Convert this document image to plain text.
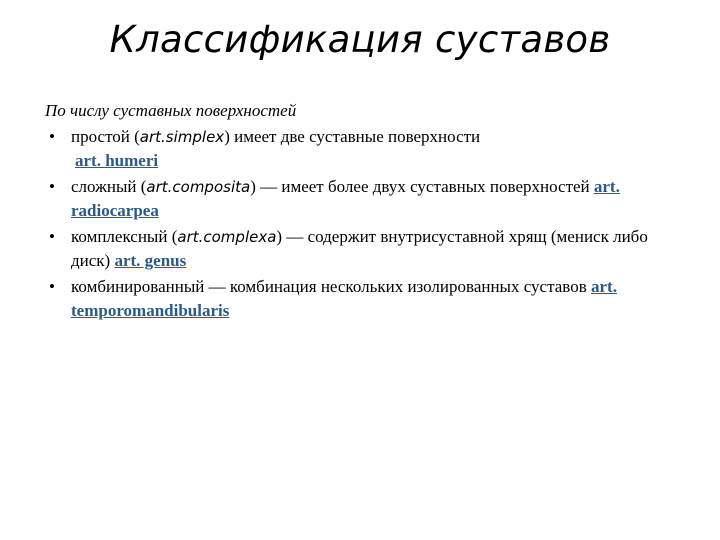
Классификация суставов
По числу суставных поверхностей
• простой (art.simplex) имеет две суставные поверхности
art. humeri
• сложный (art.composita) — имеет более двух суставных поверхностей art. radiocarpea
• комплексный (art.complexa) — содержит внутрисуставной хрящ (мениск либо диск) art. genus
• комбинированный — комбинация нескольких изолированных суставов art. temporomandibularis
